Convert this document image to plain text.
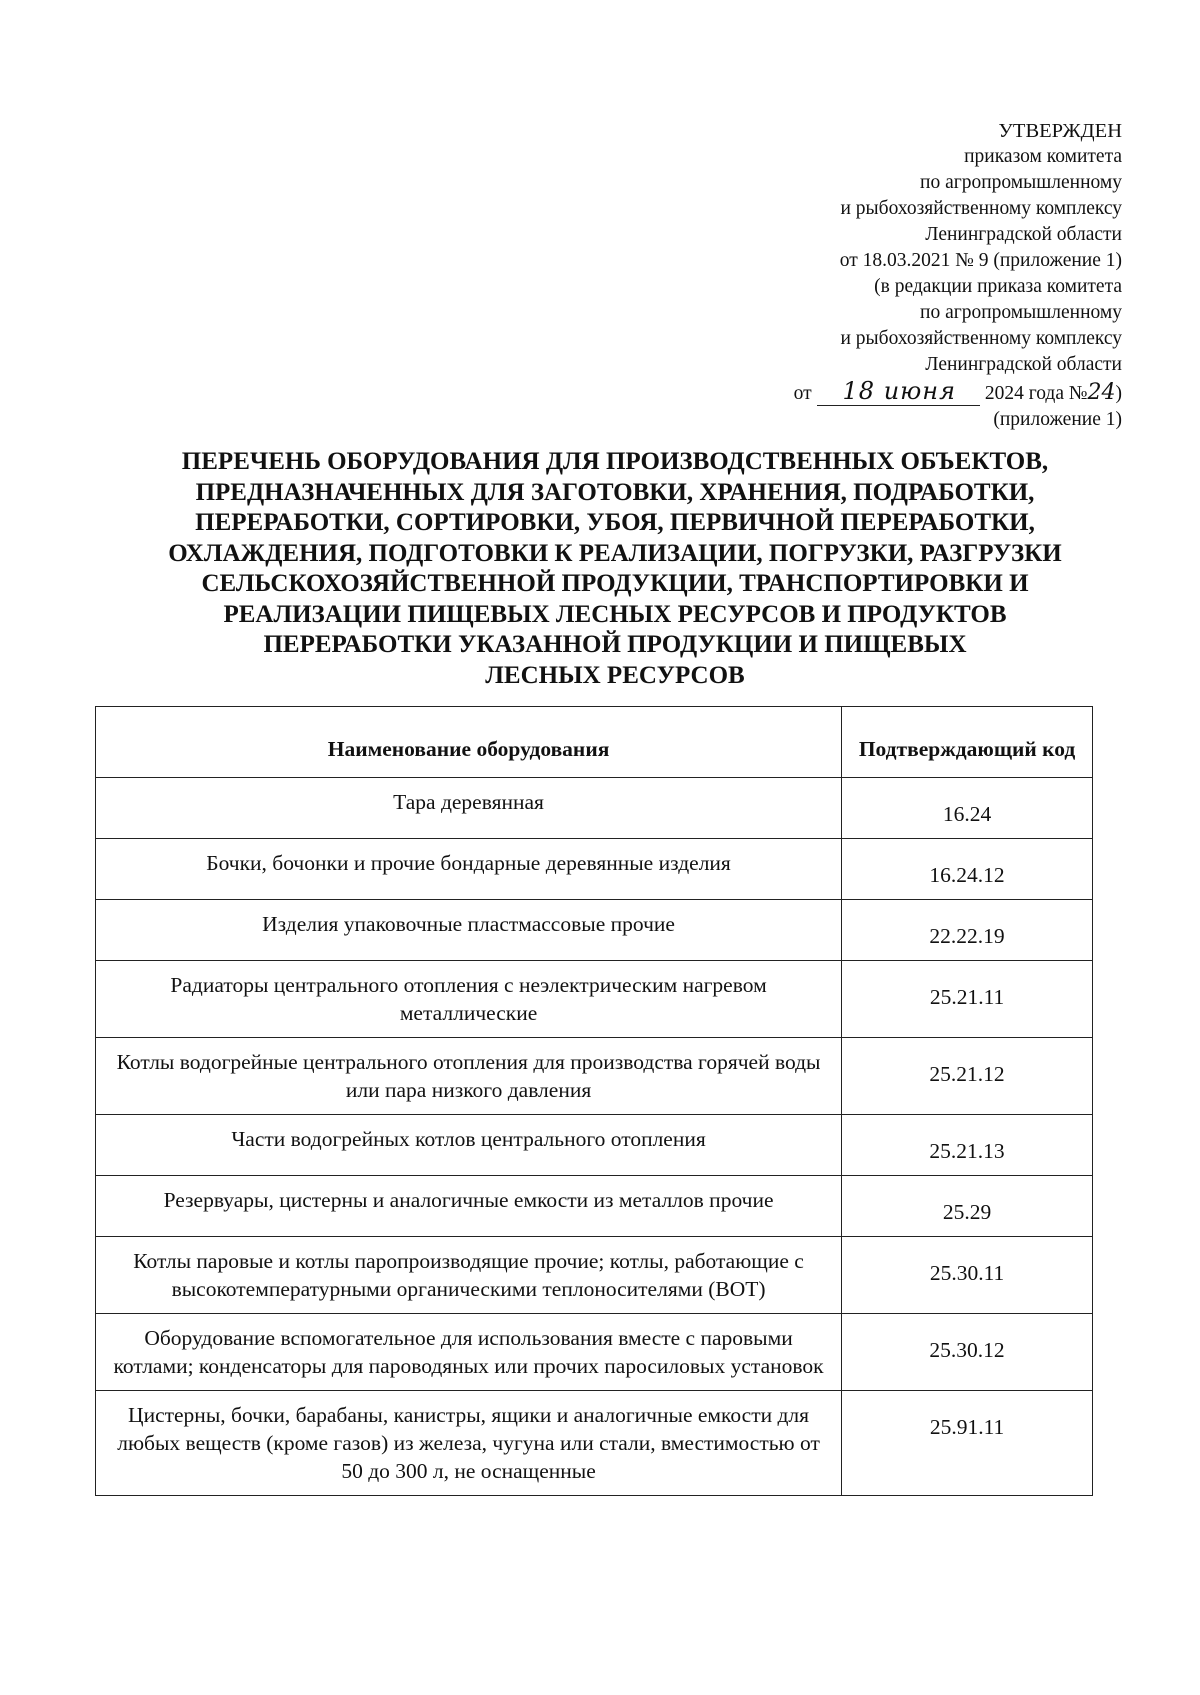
УТВЕРЖДЕН
приказом комитета
по агропромышленному
и рыбохозяйственному комплексу
Ленинградской области
от 18.03.2021 № 9 (приложение 1)
(в редакции приказа комитета
по агропромышленному
и рыбохозяйственному комплексу
Ленинградской области
от 18 июня 2024 года №24)
(приложение 1)
ПЕРЕЧЕНЬ ОБОРУДОВАНИЯ ДЛЯ ПРОИЗВОДСТВЕННЫХ ОБЪЕКТОВ,
ПРЕДНАЗНАЧЕННЫХ ДЛЯ ЗАГОТОВКИ, ХРАНЕНИЯ, ПОДРАБОТКИ,
ПЕРЕРАБОТКИ, СОРТИРОВКИ, УБОЯ, ПЕРВИЧНОЙ ПЕРЕРАБОТКИ,
ОХЛАЖДЕНИЯ, ПОДГОТОВКИ К РЕАЛИЗАЦИИ, ПОГРУЗКИ, РАЗГРУЗКИ
СЕЛЬСКОХОЗЯЙСТВЕННОЙ ПРОДУКЦИИ, ТРАНСПОРТИРОВКИ И
РЕАЛИЗАЦИИ ПИЩЕВЫХ ЛЕСНЫХ РЕСУРСОВ И ПРОДУКТОВ
ПЕРЕРАБОТКИ УКАЗАННОЙ ПРОДУКЦИИ И ПИЩЕВЫХ
ЛЕСНЫХ РЕСУРСОВ
Наименование оборудования	Подтверждающий код
Тара деревянная	16.24
Бочки, бочонки и прочие бондарные деревянные изделия	16.24.12
Изделия упаковочные пластмассовые прочие	22.22.19
Радиаторы центрального отопления с неэлектрическим нагревом металлические	25.21.11
Котлы водогрейные центрального отопления для производства горячей воды или пара низкого давления	25.21.12
Части водогрейных котлов центрального отопления	25.21.13
Резервуары, цистерны и аналогичные емкости из металлов прочие	25.29
Котлы паровые и котлы паропроизводящие прочие; котлы, работающие с высокотемпературными органическими теплоносителями (ВОТ)	25.30.11
Оборудование вспомогательное для использования вместе с паровыми котлами; конденсаторы для пароводяных или прочих паросиловых установок	25.30.12
Цистерны, бочки, барабаны, канистры, ящики и аналогичные емкости для любых веществ (кроме газов) из железа, чугуна или стали, вместимостью от 50 до 300 л, не оснащенные	25.91.11
